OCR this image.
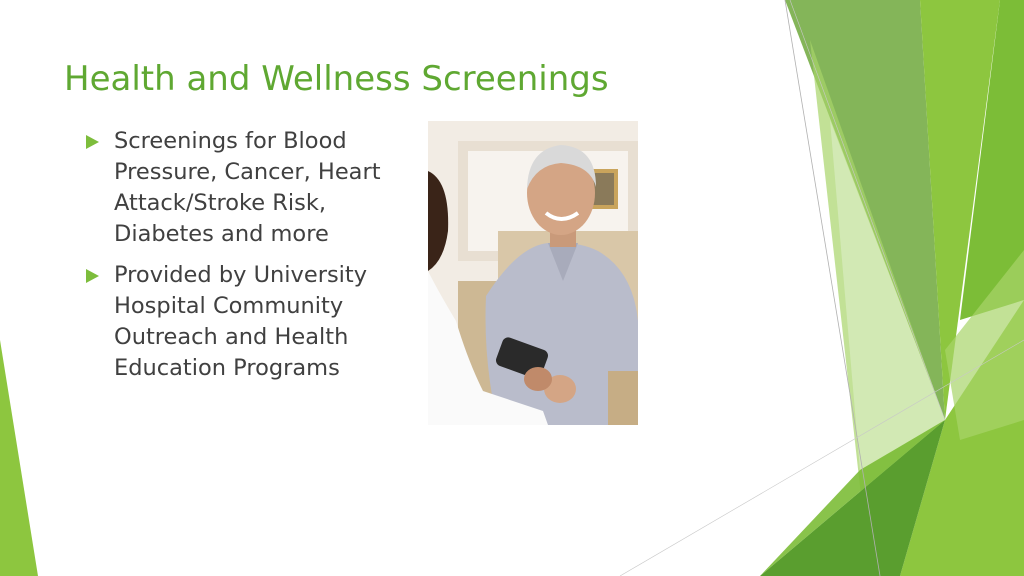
Health and Wellness Screenings
Screenings for Blood Pressure, Cancer, Heart Attack/Stroke Risk, Diabetes and more
Provided by University Hospital Community Outreach and Health Education Programs
